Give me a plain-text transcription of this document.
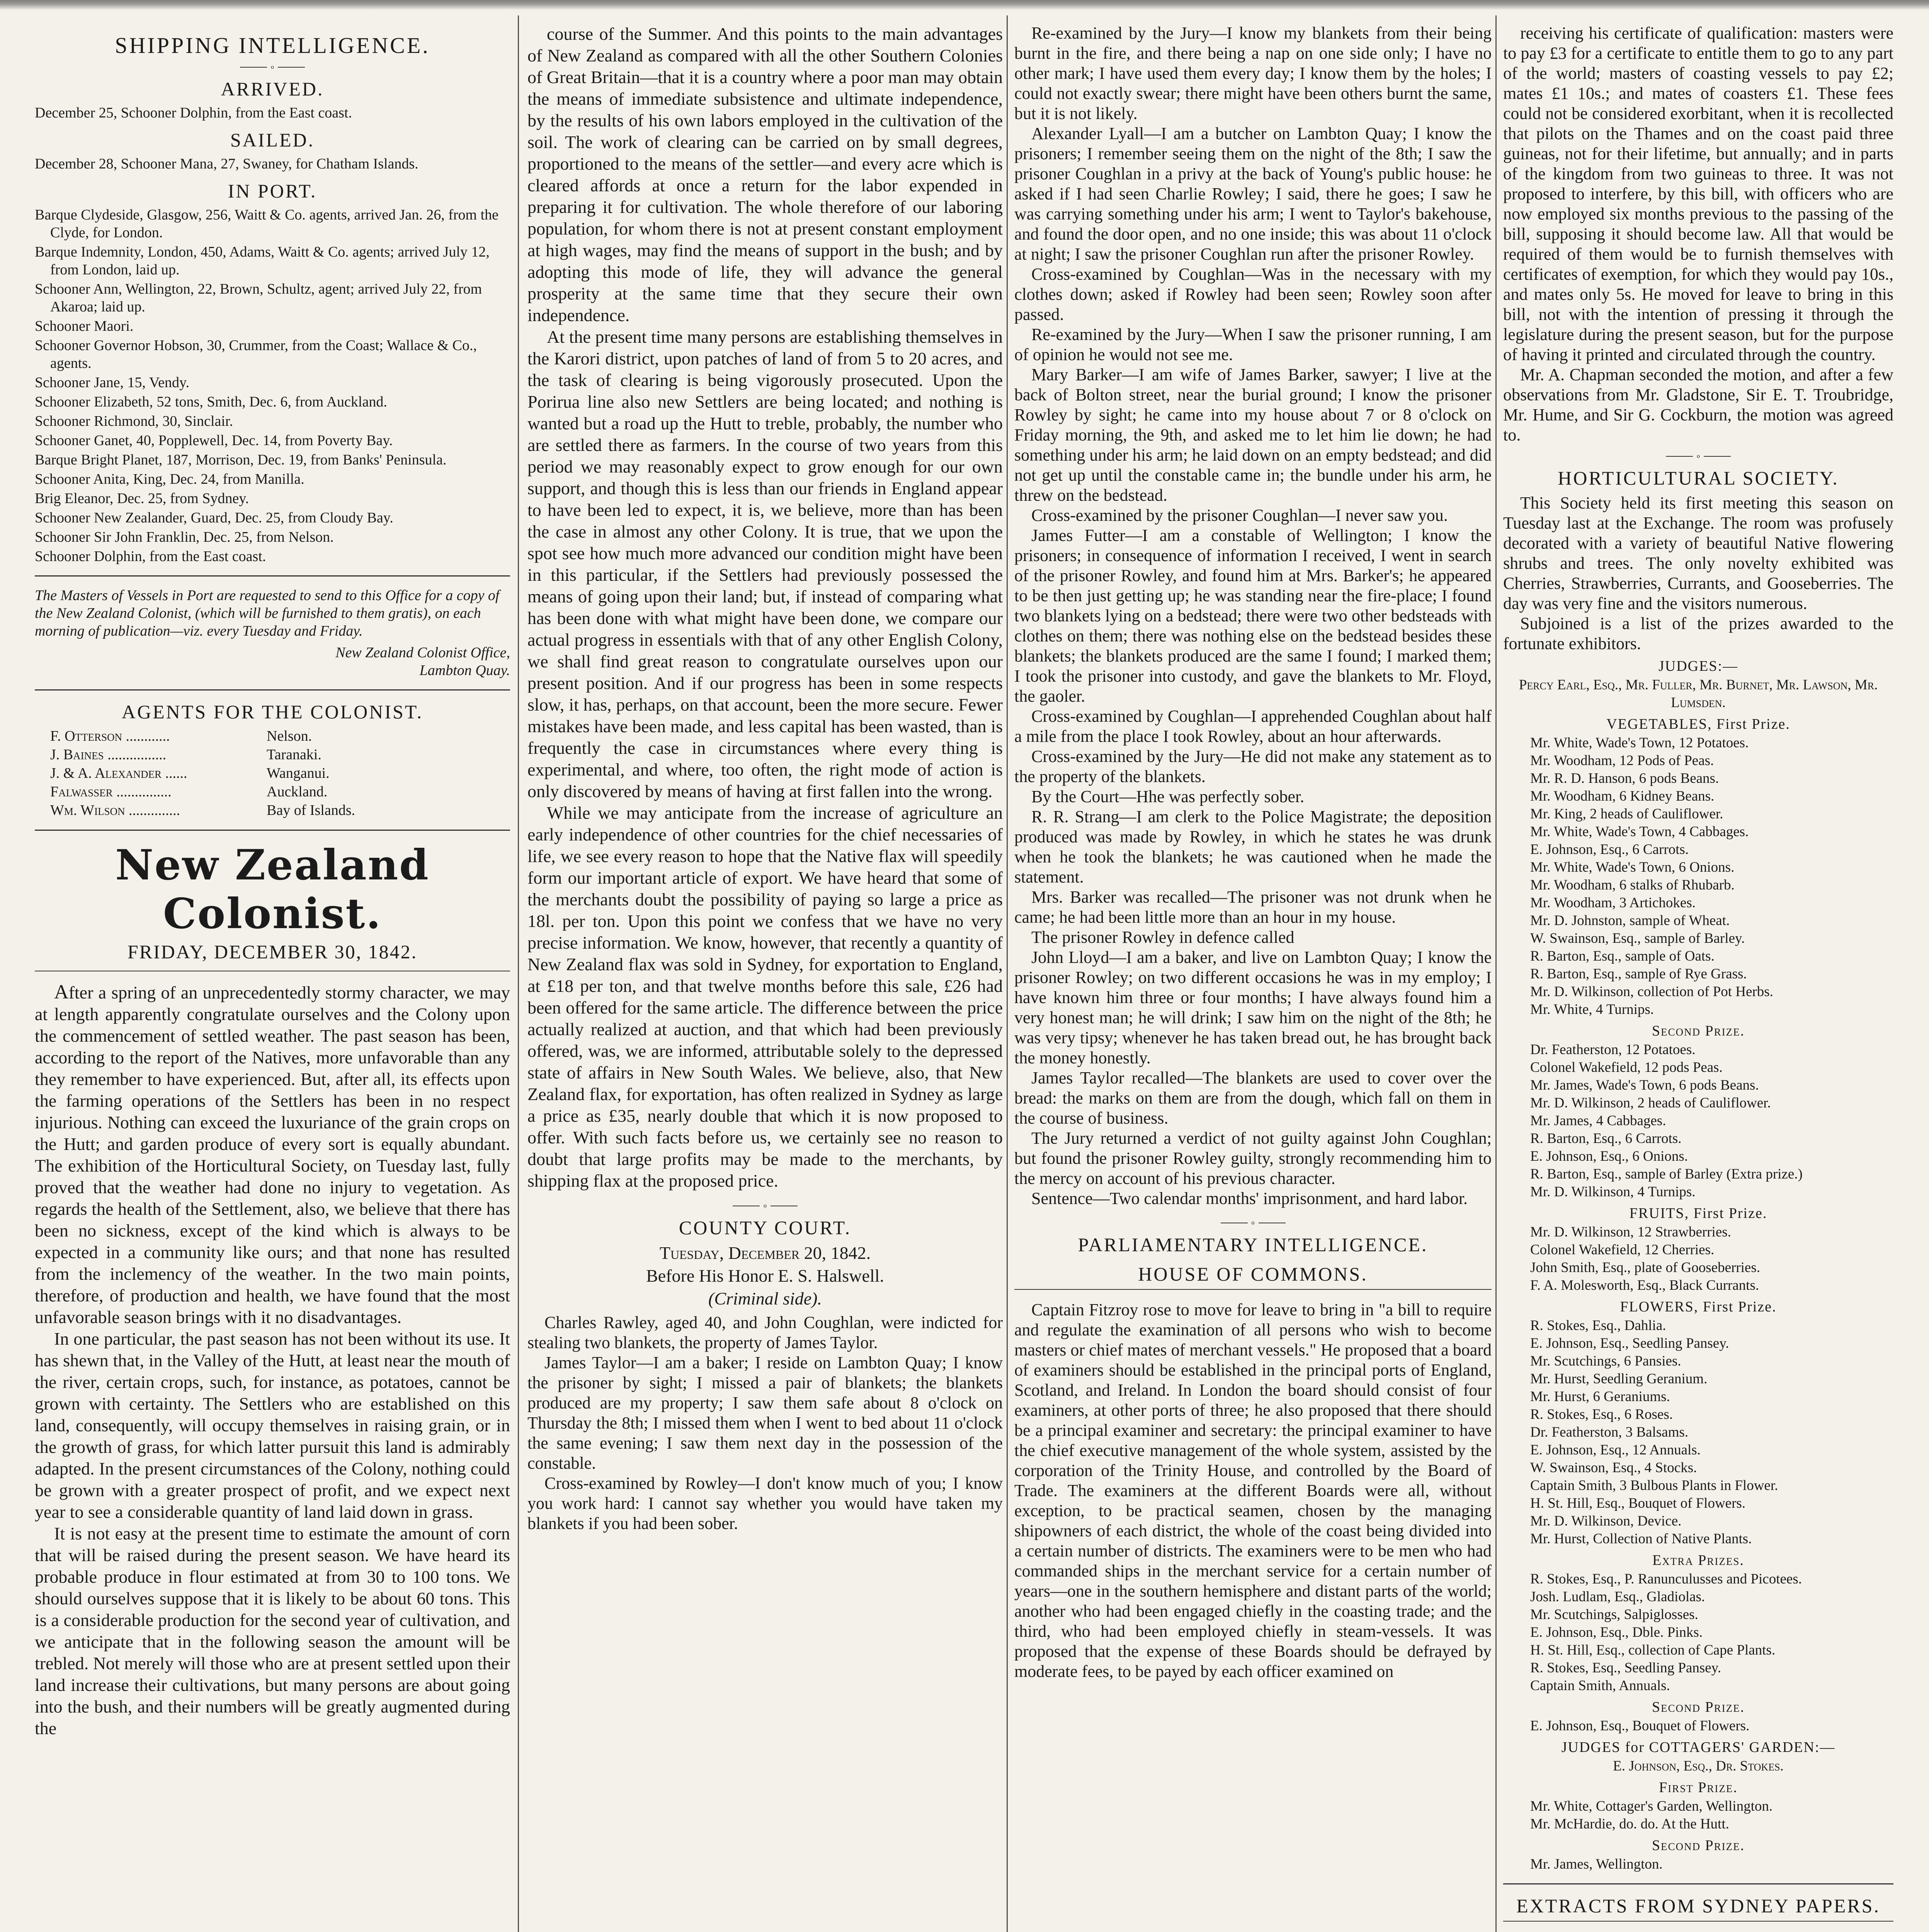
SHIPPING INTELLIGENCE.
o
ARRIVED.
December 25, Schooner Dolphin, from the East coast.
SAILED.
December 28, Schooner Mana, 27, Swaney, for Chatham Islands.
IN PORT.
Barque Clydeside, Glasgow, 256, Waitt & Co. agents, arrived Jan. 26, from the Clyde, for London.
Barque Indemnity, London, 450, Adams, Waitt & Co. agents; arrived July 12, from London, laid up.
Schooner Ann, Wellington, 22, Brown, Schultz, agent; arrived July 22, from Akaroa; laid up.
Schooner Maori.
Schooner Governor Hobson, 30, Crummer, from the Coast; Wallace & Co., agents.
Schooner Jane, 15, Vendy.
Schooner Elizabeth, 52 tons, Smith, Dec. 6, from Auckland.
Schooner Richmond, 30, Sinclair.
Schooner Ganet, 40, Popplewell, Dec. 14, from Poverty Bay.
Barque Bright Planet, 187, Morrison, Dec. 19, from Banks' Peninsula.
Schooner Anita, King, Dec. 24, from Manilla.
Brig Eleanor, Dec. 25, from Sydney.
Schooner New Zealander, Guard, Dec. 25, from Cloudy Bay.
Schooner Sir John Franklin, Dec. 25, from Nelson.
Schooner Dolphin, from the East coast.
The Masters of Vessels in Port are requested to send to this Office for a copy of the New Zealand Colonist, (which will be furnished to them gratis), on each morning of publication—viz. every Tuesday and Friday.
New Zealand Colonist Office,
Lambton Quay.
AGENTS FOR THE COLONIST.
F. Otterson ............	Nelson.
J. Baines ................	Taranaki.
J. & A. Alexander ......	Wanganui.
Falwasser ...............	Auckland.
Wm. Wilson ..............	Bay of Islands.
New Zealand Colonist.
FRIDAY, DECEMBER 30, 1842.

After a spring of an unprecedentedly stormy character, we may at length apparently congratulate ourselves and the Colony upon the commencement of settled weather. The past season has been, according to the report of the Natives, more unfavorable than any they remember to have experienced. But, after all, its effects upon the farming operations of the Settlers has been in no respect injurious. Nothing can exceed the luxuriance of the grain crops on the Hutt; and garden produce of every sort is equally abundant. The exhibition of the Horticultural Society, on Tuesday last, fully proved that the weather had done no injury to vegetation. As regards the health of the Settlement, also, we believe that there has been no sickness, except of the kind which is always to be expected in a community like ours; and that none has resulted from the inclemency of the weather. In the two main points, therefore, of production and health, we have found that the most unfavorable season brings with it no disadvantages.

In one particular, the past season has not been without its use. It has shewn that, in the Valley of the Hutt, at least near the mouth of the river, certain crops, such, for instance, as potatoes, cannot be grown with certainty. The Settlers who are established on this land, consequently, will occupy themselves in raising grain, or in the growth of grass, for which latter pursuit this land is admirably adapted. In the present circumstances of the Colony, nothing could be grown with a greater prospect of profit, and we expect next year to see a considerable quantity of land laid down in grass.

It is not easy at the present time to estimate the amount of corn that will be raised during the present season. We have heard its probable produce in flour estimated at from 30 to 100 tons. We should ourselves suppose that it is likely to be about 60 tons. This is a considerable production for the second year of cultivation, and we anticipate that in the following season the amount will be trebled. Not merely will those who are at present settled upon their land increase their cultivations, but many persons are about going into the bush, and their numbers will be greatly augmented during the

course of the Summer. And this points to the main advantages of New Zealand as compared with all the other Southern Colonies of Great Britain—that it is a country where a poor man may obtain the means of immediate subsistence and ultimate independence, by the results of his own labors employed in the cultivation of the soil. The work of clearing can be carried on by small degrees, proportioned to the means of the settler—and every acre which is cleared affords at once a return for the labor expended in preparing it for cultivation. The whole therefore of our laboring population, for whom there is not at present constant employment at high wages, may find the means of support in the bush; and by adopting this mode of life, they will advance the general prosperity at the same time that they secure their own independence.

At the present time many persons are establishing themselves in the Karori district, upon patches of land of from 5 to 20 acres, and the task of clearing is being vigorously prosecuted. Upon the Porirua line also new Settlers are being located; and nothing is wanted but a road up the Hutt to treble, probably, the number who are settled there as farmers. In the course of two years from this period we may reasonably expect to grow enough for our own support, and though this is less than our friends in England appear to have been led to expect, it is, we believe, more than has been the case in almost any other Colony. It is true, that we upon the spot see how much more advanced our condition might have been in this particular, if the Settlers had previously possessed the means of going upon their land; but, if instead of comparing what has been done with what might have been done, we compare our actual progress in essentials with that of any other English Colony, we shall find great reason to congratulate ourselves upon our present position. And if our progress has been in some respects slow, it has, perhaps, on that account, been the more secure. Fewer mistakes have been made, and less capital has been wasted, than is frequently the case in circumstances where every thing is experimental, and where, too often, the right mode of action is only discovered by means of having at first fallen into the wrong.

While we may anticipate from the increase of agriculture an early independence of other countries for the chief necessaries of life, we see every reason to hope that the Native flax will speedily form our important article of export. We have heard that some of the merchants doubt the possibility of paying so large a price as 18l. per ton. Upon this point we confess that we have no very precise information. We know, however, that recently a quantity of New Zealand flax was sold in Sydney, for exportation to England, at £18 per ton, and that twelve months before this sale, £26 had been offered for the same article. The difference between the price actually realized at auction, and that which had been previously offered, was, we are informed, attributable solely to the depressed state of affairs in New South Wales. We believe, also, that New Zealand flax, for exportation, has often realized in Sydney as large a price as £35, nearly double that which it is now proposed to offer. With such facts before us, we certainly see no reason to doubt that large profits may be made to the merchants, by shipping flax at the proposed price.

o
COUNTY COURT.
Tuesday, December 20, 1842.
Before His Honor E. S. Halswell.
(Criminal side).

Charles Rawley, aged 40, and John Coughlan, were indicted for stealing two blankets, the property of James Taylor.

James Taylor—I am a baker; I reside on Lambton Quay; I know the prisoner by sight; I missed a pair of blankets; the blankets produced are my property; I saw them safe about 8 o'clock on Thursday the 8th; I missed them when I went to bed about 11 o'clock the same evening; I saw them next day in the possession of the constable.

Cross-examined by Rowley—I don't know much of you; I know you work hard: I cannot say whether you would have taken my blankets if you had been sober.

Re-examined by the Jury—I know my blankets from their being burnt in the fire, and there being a nap on one side only; I have no other mark; I have used them every day; I know them by the holes; I could not exactly swear; there might have been others burnt the same, but it is not likely.

Alexander Lyall—I am a butcher on Lambton Quay; I know the prisoners; I remember seeing them on the night of the 8th; I saw the prisoner Coughlan in a privy at the back of Young's public house: he asked if I had seen Charlie Rowley; I said, there he goes; I saw he was carrying something under his arm; I went to Taylor's bakehouse, and found the door open, and no one inside; this was about 11 o'clock at night; I saw the prisoner Coughlan run after the prisoner Rowley.

Cross-examined by Coughlan—Was in the necessary with my clothes down; asked if Rowley had been seen; Rowley soon after passed.

Re-examined by the Jury—When I saw the prisoner running, I am of opinion he would not see me.

Mary Barker—I am wife of James Barker, sawyer; I live at the back of Bolton street, near the burial ground; I know the prisoner Rowley by sight; he came into my house about 7 or 8 o'clock on Friday morning, the 9th, and asked me to let him lie down; he had something under his arm; he laid down on an empty bedstead; and did not get up until the constable came in; the bundle under his arm, he threw on the bedstead.

Cross-examined by the prisoner Coughlan—I never saw you.

James Futter—I am a constable of Wellington; I know the prisoners; in consequence of information I received, I went in search of the prisoner Rowley, and found him at Mrs. Barker's; he appeared to be then just getting up; he was standing near the fire-place; I found two blankets lying on a bedstead; there were two other bedsteads with clothes on them; there was nothing else on the bedstead besides these blankets; the blankets produced are the same I found; I marked them; I took the prisoner into custody, and gave the blankets to Mr. Floyd, the gaoler.

Cross-examined by Coughlan—I apprehended Coughlan about half a mile from the place I took Rowley, about an hour afterwards.

Cross-examined by the Jury—He did not make any statement as to the property of the blankets.

By the Court—Hhe was perfectly sober.

R. R. Strang—I am clerk to the Police Magistrate; the deposition produced was made by Rowley, in which he states he was drunk when he took the blankets; he was cautioned when he made the statement.

Mrs. Barker was recalled—The prisoner was not drunk when he came; he had been little more than an hour in my house.

The prisoner Rowley in defence called

John Lloyd—I am a baker, and live on Lambton Quay; I know the prisoner Rowley; on two different occasions he was in my employ; I have known him three or four months; I have always found him a very honest man; he will drink; I saw him on the night of the 8th; he was very tipsy; whenever he has taken bread out, he has brought back the money honestly.

James Taylor recalled—The blankets are used to cover over the bread: the marks on them are from the dough, which fall on them in the course of business.

The Jury returned a verdict of not guilty against John Coughlan; but found the prisoner Rowley guilty, strongly recommending him to the mercy on account of his previous character.

Sentence—Two calendar months' imprisonment, and hard labor.

o
PARLIAMENTARY INTELLIGENCE.
HOUSE OF COMMONS.

Captain Fitzroy rose to move for leave to bring in "a bill to require and regulate the examination of all persons who wish to become masters or chief mates of merchant vessels." He proposed that a board of examiners should be established in the principal ports of England, Scotland, and Ireland. In London the board should consist of four examiners, at other ports of three; he also proposed that there should be a principal examiner and secretary: the principal examiner to have the chief executive management of the whole system, assisted by the corporation of the Trinity House, and controlled by the Board of Trade. The examiners at the different Boards were all, without exception, to be practical seamen, chosen by the managing shipowners of each district, the whole of the coast being divided into a certain number of districts. The examiners were to be men who had commanded ships in the merchant service for a certain number of years—one in the southern hemisphere and distant parts of the world; another who had been engaged chiefly in the coasting trade; and the third, who had been employed chiefly in steam-vessels. It was proposed that the expense of these Boards should be defrayed by moderate fees, to be payed by each officer examined on

receiving his certificate of qualification: masters were to pay £3 for a certificate to entitle them to go to any part of the world; masters of coasting vessels to pay £2; mates £1 10s.; and mates of coasters £1. These fees could not be considered exorbitant, when it is recollected that pilots on the Thames and on the coast paid three guineas, not for their lifetime, but annually; and in parts of the kingdom from two guineas to three. It was not proposed to interfere, by this bill, with officers who are now employed six months previous to the passing of the bill, supposing it should become law. All that would be required of them would be to furnish themselves with certificates of exemption, for which they would pay 10s., and mates only 5s. He moved for leave to bring in this bill, not with the intention of pressing it through the legislature during the present season, but for the purpose of having it printed and circulated through the country.

Mr. A. Chapman seconded the motion, and after a few observations from Mr. Gladstone, Sir E. T. Troubridge, Mr. Hume, and Sir G. Cockburn, the motion was agreed to.

o
HORTICULTURAL SOCIETY.

This Society held its first meeting this season on Tuesday last at the Exchange. The room was profusely decorated with a variety of beautiful Native flowering shrubs and trees. The only novelty exhibited was Cherries, Strawberries, Currants, and Gooseberries. The day was very fine and the visitors numerous.

Subjoined is a list of the prizes awarded to the fortunate exhibitors.

JUDGES:—
Percy Earl, Esq., Mr. Fuller, Mr. Burnet, Mr. Lawson, Mr. Lumsden.
VEGETABLES, First Prize.
Mr. White, Wade's Town, 12 Potatoes.
Mr. Woodham, 12 Pods of Peas.
Mr. R. D. Hanson, 6 pods Beans.
Mr. Woodham, 6 Kidney Beans.
Mr. King, 2 heads of Cauliflower.
Mr. White, Wade's Town, 4 Cabbages.
E. Johnson, Esq., 6 Carrots.
Mr. White, Wade's Town, 6 Onions.
Mr. Woodham, 6 stalks of Rhubarb.
Mr. Woodham, 3 Artichokes.
Mr. D. Johnston, sample of Wheat.
W. Swainson, Esq., sample of Barley.
R. Barton, Esq., sample of Oats.
R. Barton, Esq., sample of Rye Grass.
Mr. D. Wilkinson, collection of Pot Herbs.
Mr. White, 4 Turnips.
Second Prize.
Dr. Featherston, 12 Potatoes.
Colonel Wakefield, 12 pods Peas.
Mr. James, Wade's Town, 6 pods Beans.
Mr. D. Wilkinson, 2 heads of Cauliflower.
Mr. James, 4 Cabbages.
R. Barton, Esq., 6 Carrots.
E. Johnson, Esq., 6 Onions.
R. Barton, Esq., sample of Barley (Extra prize.)
Mr. D. Wilkinson, 4 Turnips.
FRUITS, First Prize.
Mr. D. Wilkinson, 12 Strawberries.
Colonel Wakefield, 12 Cherries.
John Smith, Esq., plate of Gooseberries.
F. A. Molesworth, Esq., Black Currants.
FLOWERS, First Prize.
R. Stokes, Esq., Dahlia.
E. Johnson, Esq., Seedling Pansey.
Mr. Scutchings, 6 Pansies.
Mr. Hurst, Seedling Geranium.
Mr. Hurst, 6 Geraniums.
R. Stokes, Esq., 6 Roses.
Dr. Featherston, 3 Balsams.
E. Johnson, Esq., 12 Annuals.
W. Swainson, Esq., 4 Stocks.
Captain Smith, 3 Bulbous Plants in Flower.
H. St. Hill, Esq., Bouquet of Flowers.
Mr. D. Wilkinson, Device.
Mr. Hurst, Collection of Native Plants.
Extra Prizes.
R. Stokes, Esq., P. Ranunculusses and Picotees.
Josh. Ludlam, Esq., Gladiolas.
Mr. Scutchings, Salpiglosses.
E. Johnson, Esq., Dble. Pinks.
H. St. Hill, Esq., collection of Cape Plants.
R. Stokes, Esq., Seedling Pansey.
Captain Smith, Annuals.
Second Prize.
E. Johnson, Esq., Bouquet of Flowers.
JUDGES for COTTAGERS' GARDEN:—
E. Johnson, Esq., Dr. Stokes.
First Prize.
Mr. White, Cottager's Garden, Wellington.
Mr. McHardie, do. do. At the Hutt.
Second Prize.
Mr. James, Wellington.
EXTRACTS FROM SYDNEY PAPERS.
